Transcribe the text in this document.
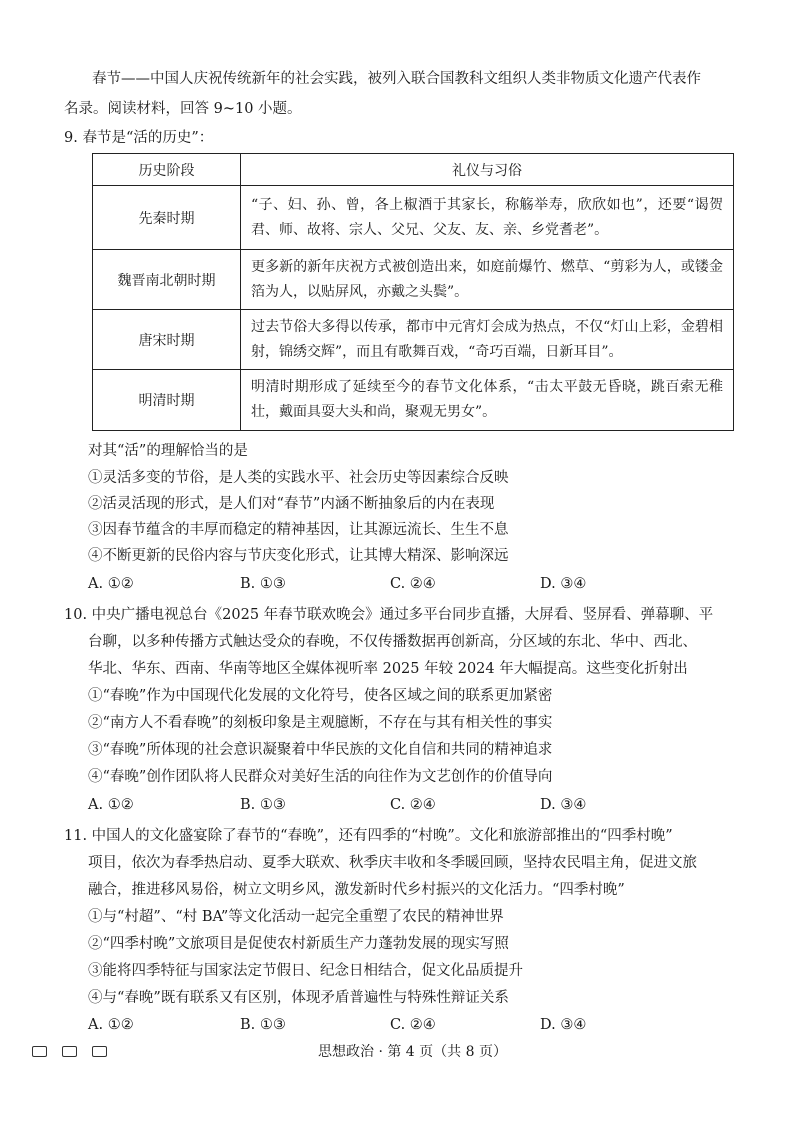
春节——中国人庆祝传统新年的社会实践，被列入联合国教科文组织人类非物质文化遗产代表作
名录。阅读材料，回答 9~10 小题。
9. 春节是“活的历史”：
历史阶段	礼仪与习俗
先秦时期	“子、妇、孙、曾，各上椒酒于其家长，称觞举寿，欣欣如也”，还要“谒贺君、师、故将、宗人、父兄、父友、友、亲、乡党耆老”。
魏晋南北朝时期	更多新的新年庆祝方式被创造出来，如庭前爆竹、燃草、“剪彩为人，或镂金箔为人，以贴屏风，亦戴之头鬓”。
唐宋时期	过去节俗大多得以传承，都市中元宵灯会成为热点，不仅“灯山上彩，金碧相射，锦绣交辉”，而且有歌舞百戏，“奇巧百端，日新耳目”。
明清时期	明清时期形成了延续至今的春节文化体系，“击太平鼓无昏晓，跳百索无稚壮，戴面具耍大头和尚，聚观无男女”。
对其“活”的理解恰当的是
①灵活多变的节俗，是人类的实践水平、社会历史等因素综合反映
②活灵活现的形式，是人们对“春节”内涵不断抽象后的内在表现
③因春节蕴含的丰厚而稳定的精神基因，让其源远流长、生生不息
④不断更新的民俗内容与节庆变化形式，让其博大精深、影响深远
A. ①②	B. ①③	C. ②④	D. ③④
10. 中央广播电视总台《2025 年春节联欢晚会》通过多平台同步直播，大屏看、竖屏看、弹幕聊、平
台聊，以多种传播方式触达受众的春晚，不仅传播数据再创新高，分区域的东北、华中、西北、
华北、华东、西南、华南等地区全媒体视听率 2025 年较 2024 年大幅提高。这些变化折射出
①“春晚”作为中国现代化发展的文化符号，使各区域之间的联系更加紧密
②“南方人不看春晚”的刻板印象是主观臆断，不存在与其有相关性的事实
③“春晚”所体现的社会意识凝聚着中华民族的文化自信和共同的精神追求
④“春晚”创作团队将人民群众对美好生活的向往作为文艺创作的价值导向
A. ①②	B. ①③	C. ②④	D. ③④
11. 中国人的文化盛宴除了春节的“春晚”，还有四季的“村晚”。文化和旅游部推出的“四季村晚”
项目，依次为春季热启动、夏季大联欢、秋季庆丰收和冬季暖回顾，坚持农民唱主角，促进文旅
融合，推进移风易俗，树立文明乡风，激发新时代乡村振兴的文化活力。“四季村晚”
①与“村超”、“村 BA”等文化活动一起完全重塑了农民的精神世界
②“四季村晚”文旅项目是促使农村新质生产力蓬勃发展的现实写照
③能将四季特征与国家法定节假日、纪念日相结合，促文化品质提升
④与“春晚”既有联系又有区别，体现矛盾普遍性与特殊性辩证关系
A. ①②	B. ①③	C. ②④	D. ③④
思想政治 · 第 4 页（共 8 页）
